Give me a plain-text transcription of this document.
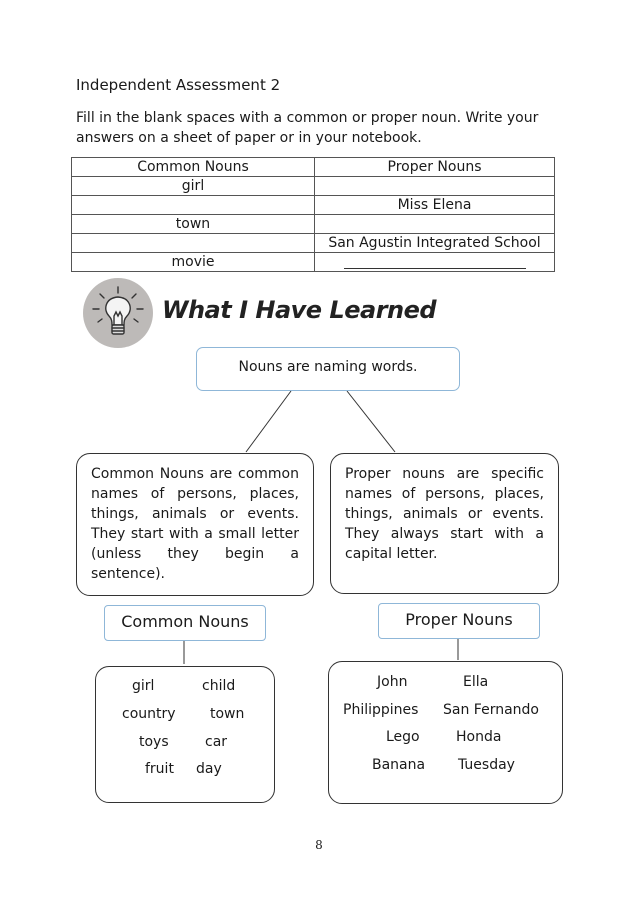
Independent Assessment 2
Fill in the blank spaces with a common or proper noun. Write your answers on a sheet of paper or in your notebook.
Common Nouns	Proper Nouns
girl	
	Miss Elena
town	
	San Agustin Integrated School
movie	
What I Have Learned
Nouns are naming words.
Common Nouns are common names of persons, places, things, animals or events. They start with a small letter (unless they begin a sentence).
Proper nouns are specific names of persons, places, things, animals or events. They always start with a capital letter.
Common Nouns	Proper Nouns
girl	child
country town
toys	car
fruit day
John	Ella
Philippines San Fernando
Lego	Honda
Banana Tuesday
8
